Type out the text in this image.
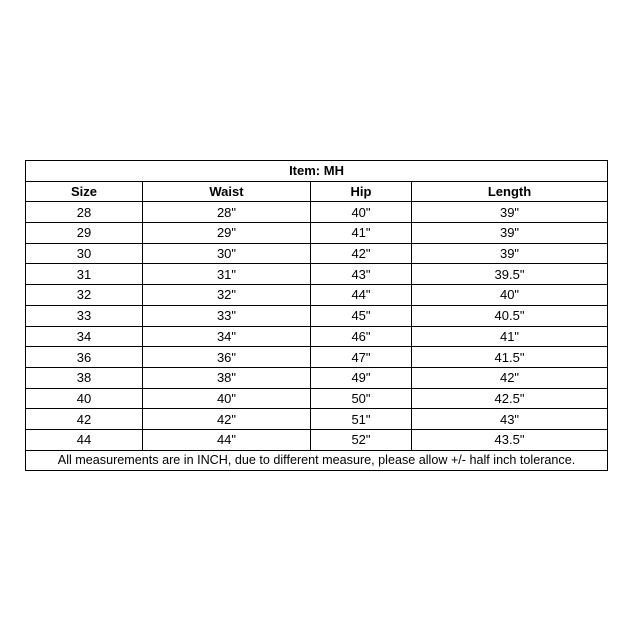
Item: MH			
Size	Waist	Hip	Length
28	28"	40"	39"
29	29"	41"	39"
30	30"	42"	39"
31	31"	43"	39.5"
32	32"	44"	40"
33	33"	45"	40.5"
34	34"	46"	41"
36	36"	47"	41.5"
38	38"	49"	42"
40	40"	50"	42.5"
42	42"	51"	43"
44	44"	52"	43.5"
All measurements are in INCH, due to different measure, please allow +/- half inch tolerance.			
